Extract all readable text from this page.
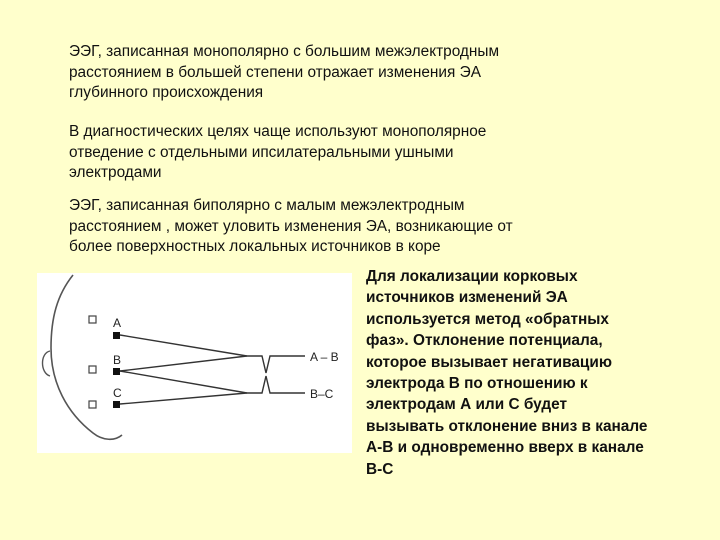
ЭЭГ, записанная монополярно с большим межэлектродным
расстоянием в большей степени отражает изменения ЭА
глубинного происхождения

В диагностических целях чаще используют монополярное
отведение с отдельными ипсилатеральными ушными
электродами

ЭЭГ, записанная биполярно с малым межэлектродным
расстоянием , может уловить изменения ЭА, возникающие от
более поверхностных локальных источников в коре

A
B
C
A – B
B–C

Для локализации корковых
источников изменений ЭА
используется метод «обратных
фаз». Отклонение потенциала,
которое вызывает негативацию
электрода В по отношению к
электродам А или С будет
вызывать отклонение вниз в канале
А-В и одновременно вверх в канале
В-С
